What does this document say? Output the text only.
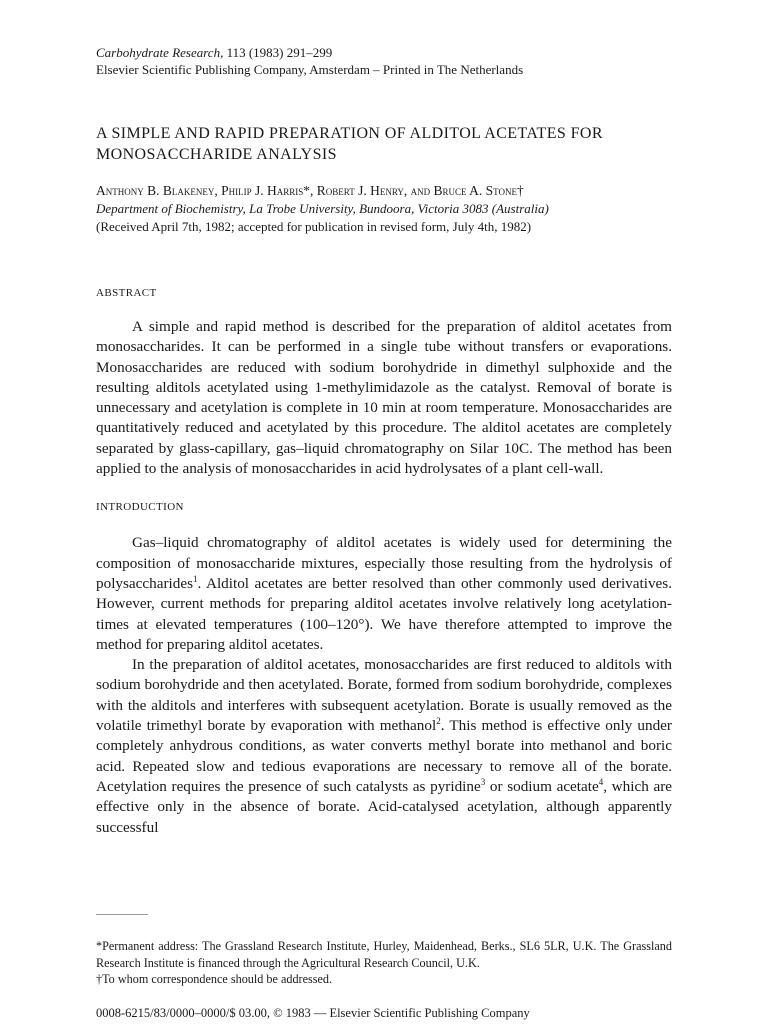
Carbohydrate Research, 113 (1983) 291–299
Elsevier Scientific Publishing Company, Amsterdam – Printed in The Netherlands
A SIMPLE AND RAPID PREPARATION OF ALDITOL ACETATES FOR
MONOSACCHARIDE ANALYSIS
Anthony B. Blakeney, Philip J. Harris*, Robert J. Henry, and Bruce A. Stone†
Department of Biochemistry, La Trobe University, Bundoora, Victoria 3083 (Australia)
(Received April 7th, 1982; accepted for publication in revised form, July 4th, 1982)
ABSTRACT

A simple and rapid method is described for the preparation of alditol acetates from monosaccharides. It can be performed in a single tube without transfers or evaporations. Monosaccharides are reduced with sodium borohydride in dimethyl sulphoxide and the resulting alditols acetylated using 1-methylimidazole as the catalyst. Removal of borate is unnecessary and acetylation is complete in 10 min at room temperature. Monosaccharides are quantitatively reduced and acetylated by this procedure. The alditol acetates are completely separated by glass-capillary, gas–liquid chromatography on Silar 10C. The method has been applied to the analysis of monosaccharides in acid hydrolysates of a plant cell-wall.

INTRODUCTION

Gas–liquid chromatography of alditol acetates is widely used for determining the composition of monosaccharide mixtures, especially those resulting from the hydrolysis of polysaccharides$^1$. Alditol acetates are better resolved than other commonly used derivatives. However, current methods for preparing alditol acetates involve relatively long acetylation-times at elevated temperatures (100–120°). We have therefore attempted to improve the method for preparing alditol acetates.

In the preparation of alditol acetates, monosaccharides are first reduced to alditols with sodium borohydride and then acetylated. Borate, formed from sodium borohydride, complexes with the alditols and interferes with subsequent acetylation. Borate is usually removed as the volatile trimethyl borate by evaporation with methanol$^2$. This method is effective only under completely anhydrous conditions, as water converts methyl borate into methanol and boric acid. Repeated slow and tedious evaporations are necessary to remove all of the borate. Acetylation requires the presence of such catalysts as pyridine$^3$ or sodium acetate$^4$, which are effective only in the absence of borate. Acid-catalysed acetylation, although apparently successful

*Permanent address: The Grassland Research Institute, Hurley, Maidenhead, Berks., SL6 5LR, U.K. The Grassland Research Institute is financed through the Agricultural Research Council, U.K.
†To whom correspondence should be addressed.
0008-6215/83/0000–0000/$ 03.00, © 1983 — Elsevier Scientific Publishing Company
